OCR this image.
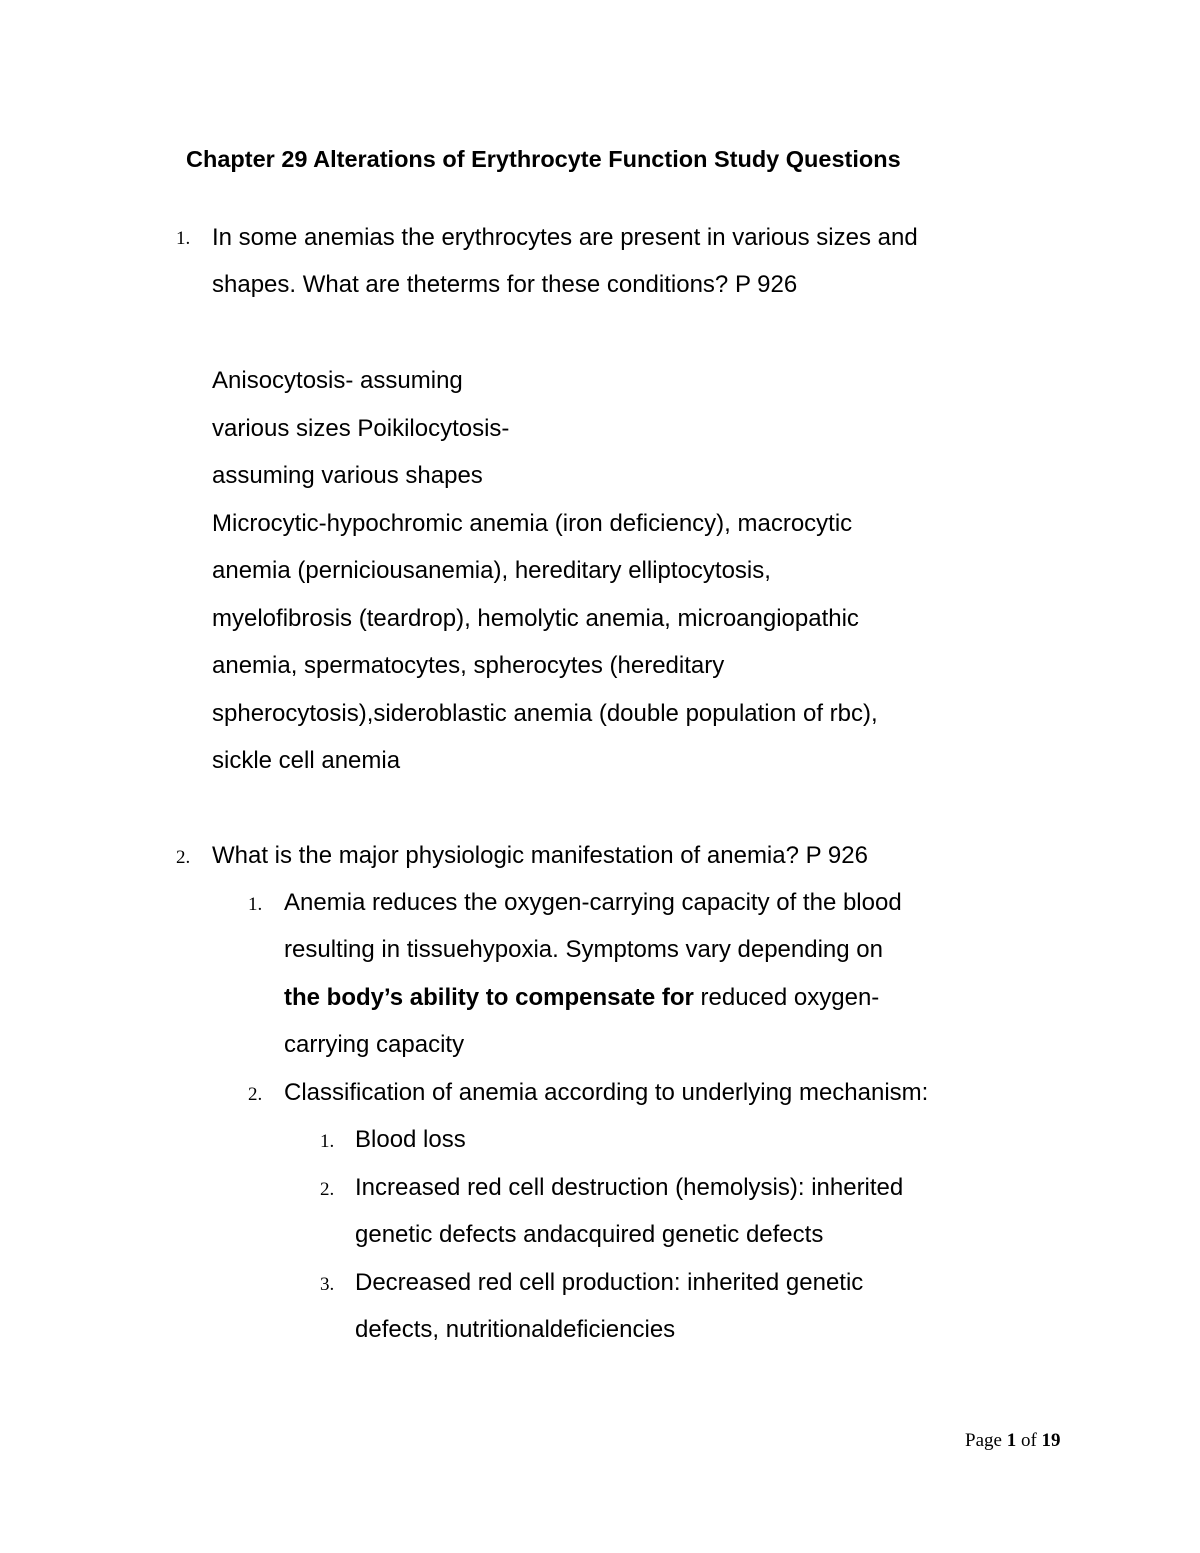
Chapter 29 Alterations of Erythrocyte Function Study Questions
1. In some anemias the erythrocytes are present in various sizes and
shapes. What are theterms for these conditions? P 926
Anisocytosis- assuming
various sizes Poikilocytosis-
assuming various shapes
Microcytic-hypochromic anemia (iron deficiency), macrocytic
anemia (perniciousanemia), hereditary elliptocytosis,
myelofibrosis (teardrop), hemolytic anemia, microangiopathic
anemia, spermatocytes, spherocytes (hereditary
spherocytosis),sideroblastic anemia (double population of rbc),
sickle cell anemia
2. What is the major physiologic manifestation of anemia? P 926
1. Anemia reduces the oxygen-carrying capacity of the blood
resulting in tissuehypoxia. Symptoms vary depending on
the body’s ability to compensate for reduced oxygen-
carrying capacity
2. Classification of anemia according to underlying mechanism:
1. Blood loss
2. Increased red cell destruction (hemolysis): inherited
genetic defects andacquired genetic defects
3. Decreased red cell production: inherited genetic
defects, nutritionaldeficiencies
Page 1 of 19
